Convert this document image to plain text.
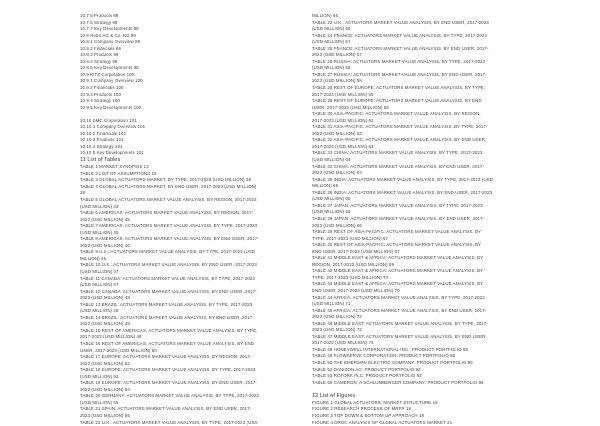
10.7.5 Products 99
10.7.6 Strategy 99
10.7.7 Key Developments 99
10.8 Retro AG & Co. KG 99
10.8.1 Company Overview 99
10.8.2 Financials 99
10.8.3 Products 99
10.8.4 Strategy 99
10.8.5 Key Developments 99
10.9 KITZ Corporation 100
10.9.1 Company Overview 100
10.9.2 Financials 100
10.9.3 Products 100
10.9.4 Strategy 100
10.9.5 Key Developments 100
10.10 SMC Corporation 101
10.10.1 Company Overview 101
10.10.2 Financials 101
10.10.3 Products 101
10.10.4 Strategy 101
10.10.5 Key Developments 101
11 List of Tables
TABLE 1 MARKET SYNOPSIS 13
TABLE 2 LIST OF ASSUMPTIONS 15
TABLE 3 GLOBAL ACTUATORS MARKET, BY TYPE, 2017-2023 (USD MILLION) 38
TABLE 4 GLOBAL ACTUATORS MARKET, BY END USER, 2017-2023 (USD MILLION)
39
TABLE 5 GLOBAL ACTUATORS MARKET VALUE ANALYSIS, BY REGION, 2017-2023
(USD MILLION) 43
TABLE 6 AMERICAS: ACTUATORS MARKET VALUE ANALYSIS, BY REGION, 2017-
2023 (USD MILLION) 45
TABLE 7 AMERICAS: ACTUATORS MARKET VALUE ANALYSIS, BY TYPE, 2017-2023
(USD MILLION) 45
TABLE 8 AMERICAS: ACTUATORS MARKET VALUE ANALYSIS, BY END USER, 2017-
2023 (USD MILLION) 46
TABLE 9 U.S.: ACTUATORS MARKET VALUE ANALYSIS, BY TYPE, 2017-2023 (USD
MILLION) 46
TABLE 10 U.S.: ACTUATORS MARKET VALUE ANALYSIS, BY END USER, 2017-2023
(USD MILLION) 47
TABLE 11 CANADA: ACTUATORS MARKET VALUE ANALYSIS, BY TYPE, 2017-2023
(USD MILLION) 47
TABLE 12 CANADA: ACTUATORS MARKET VALUE ANALYSIS, BY END USER, 2017-
2023 (USD MILLION) 48
TABLE 13 BRAZIL: ACTUATORS MARKET VALUE ANALYSIS, BY TYPE, 2017-2023
(USD MILLION) 48
TABLE 14 BRAZIL: ACTUATORS MARKET VALUE ANALYSIS, BY END USER, 2017-
2023 (USD MILLION) 49
TABLE 15 REST OF AMERICAS: ACTUATORS MARKET VALUE ANALYSIS, BY TYPE,
2017-2023 (USD MILLION) 49
TABLE 16 REST OF AMERICAS: ACTUATORS MARKET VALUE ANALYSIS, BY END
USER, 2017-2023 (USD MILLION) 50
TABLE 17 EUROPE: ACTUATORS MARKET VALUE ANALYSIS, BY REGION, 2017-
2023 (USD MILLION) 52
TABLE 18 EUROPE: ACTUATORS MARKET VALUE ANALYSIS, BY TYPE, 2017-2023
(USD MILLION) 53
TABLE 19 EUROPE: ACTUATORS MARKET VALUE ANALYSIS, BY END USER, 2017-
2023 (USD MILLION) 54
TABLE 20 GERMANY: ACTUATORS MARKET VALUE ANALYSIS, BY TYPE, 2017-2023
(USD MILLION) 55
TABLE 21 SPAIN: ACTUATORS MARKET VALUE ANALYSIS, BY END USER, 2017-
2023 (USD MILLION) 55
TABLE 22 U.K.: ACTUATORS MARKET VALUE ANALYSIS, BY TYPE, 2017-2023 (USD
MILLION) 56
TABLE 23 U.K.: ACTUATORS MARKET VALUE ANALYSIS, BY END USER, 2017-2023
(USD MILLION) 56
TABLE 24 FRANCE: ACTUATORS MARKET VALUE ANALYSIS, BY TYPE, 2017-2023
(USD MILLION) 57
TABLE 25 FRANCE: ACTUATORS MARKET VALUE ANALYSIS, BY END USER, 2017-
2023 (USD MILLION) 57
TABLE 26 RUSSIA: ACTUATORS MARKET VALUE ANALYSIS, BY TYPE, 2017-2023
(USD MILLION) 58
TABLE 27 RUSSIA: ACTUATORS MARKET VALUE ANALYSIS, BY END USER, 2017-
2023 (USD MILLION) 58
TABLE 28 REST OF EUROPE: ACTUATORS MARKET VALUE ANALYSIS, BY TYPE,
2017-2023 (USD MILLION) 59
TABLE 29 REST OF EUROPE: ACTUATORS MARKET VALUE ANALYSIS, BY END
USER, 2017-2023 (USD MILLION) 59
TABLE 30 ASIA-PACIFIC: ACTUATORS MARKET VALUE ANALYSIS, BY REGION,
2017-2023 (USD MILLION) 62
TABLE 31 ASIA-PACIFIC: ACTUATORS MARKET VALUE ANALYSIS, BY TYPE, 2017-
2023 (USD MILLION) 63
TABLE 32 ASIA-PACIFIC: ACTUATORS MARKET VALUE ANALYSIS, BY END USER,
2017-2023 (USD MILLION) 63
TABLE 33 CHINA: ACTUATORS MARKET VALUE ANALYSIS, BY TYPE, 2017-2023
(USD MILLION) 64
TABLE 34 CHINA: ACTUATORS MARKET VALUE ANALYSIS, BY END USER, 2017-
2023 (USD MILLION) 64
TABLE 35 INDIA: ACTUATORS MARKET VALUE ANALYSIS, BY TYPE, 2017-2023 (USD
MILLION) 65
TABLE 36 INDIA: ACTUATORS MARKET VALUE ANALYSIS, BY END USER, 2017-2023
(USD MILLION) 65
TABLE 37 JAPAN: ACTUATORS MARKET VALUE ANALYSIS, BY TYPE, 2017-2023
(USD MILLION) 66
TABLE 38 JAPAN: ACTUATORS MARKET VALUE ANALYSIS, BY END USER, 2017-
2023 (USD MILLION) 66
TABLE 39 REST OF ASIA-PACIFIC: ACTUATORS MARKET VALUE ANALYSIS, BY
TYPE, 2017-2023 (USD MILLION) 67
TABLE 40 REST OF ASIA-PACIFIC: ACTUATORS MARKET VALUE ANALYSIS, BY
END USER, 2017-2023 (USD MILLION) 67
TABLE 41 MIDDLE EAST & AFRICA: ACTUATORS MARKET VALUE ANALYSIS, BY
REGION, 2017-2023 (USD MILLION) 69
TABLE 42 MIDDLE EAST & AFRICA: ACTUATORS MARKET VALUE ANALYSIS, BY
TYPE, 2017-2023 (USD MILLION) 70
TABLE 43 MIDDLE EAST & AFRICA: ACTUATORS MARKET VALUE ANALYSIS, BY
END USER, 2017-2023 (USD MILLION) 70
TABLE 44 AFRICA: ACTUATORS MARKET VALUE ANALYSIS, BY TYPE, 2017-2023
(USD MILLION) 71
TABLE 45 AFRICA: ACTUATORS MARKET VALUE ANALYSIS, BY END USER, 2017-
2023 (USD MILLION) 72
TABLE 46 MIDDLE EAST: ACTUATORS MARKET VALUE ANALYSIS, BY TYPE, 2017-
2023 (USD MILLION) 72
TABLE 47 MIDDLE EAST: ACTUATORS MARKET VALUE ANALYSIS, BY END USER,
2017-2023 (USD MILLION) 73
TABLE 48 HONEYWELL INTERNATIONAL INC.: PRODUCT PORTFOLIO 86
TABLE 49 FLOWSERVE CORPORATION: PRODUCT PORTFOLIO 88
TABLE 50 THE EMERSON ELECTRIC COMPANY: PRODUCT PORTFOLIO 90
TABLE 52 DANISON AG: PRODUCT PORTFOLIO 92
TABLE 53 ROTORK PLC: PRODUCT PORTFOLIO 93
TABLE 55 CAMERON, A SCHLUMBERGER COMPANY: PRODUCT PORTFOLIO 96
12 List of Figures
FIGURE 1 GLOBAL ACTUATORS: MARKET STRUCTURE 15
FIGURE 2 RESEARCH PROCESS OF MRFR 18
FIGURE 3 TOP DOWN & BOTTOM UP APPROACH 19
FIGURE 4 DROC ANALYSIS OF GLOBAL ACTUATORS MARKET 21
